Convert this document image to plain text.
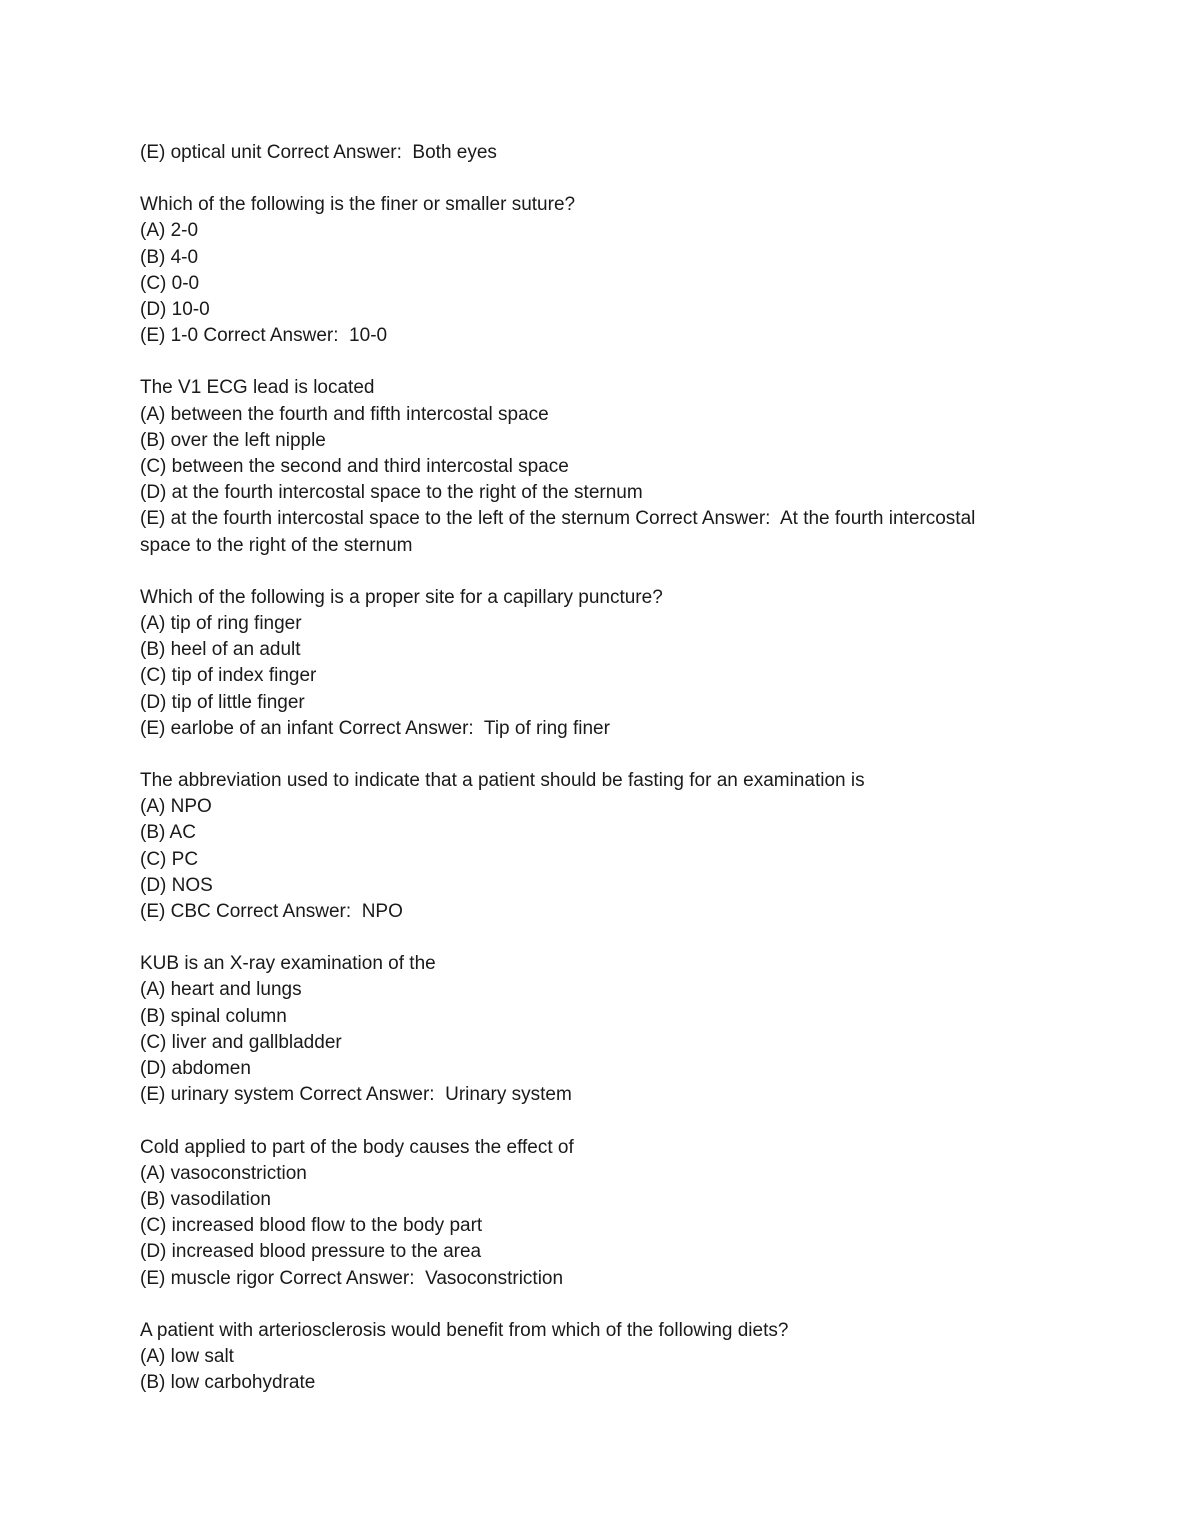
(E) optical unit Correct Answer:  Both eyes

Which of the following is the finer or smaller suture?

(A) 2-0

(B) 4-0

(C) 0-0

(D) 10-0

(E) 1-0 Correct Answer:  10-0

The V1 ECG lead is located

(A) between the fourth and fifth intercostal space

(B) over the left nipple

(C) between the second and third intercostal space

(D) at the fourth intercostal space to the right of the sternum

(E) at the fourth intercostal space to the left of the sternum Correct Answer:  At the fourth intercostal

space to the right of the sternum

Which of the following is a proper site for a capillary puncture?

(A) tip of ring finger

(B) heel of an adult

(C) tip of index finger

(D) tip of little finger

(E) earlobe of an infant Correct Answer:  Tip of ring finer

The abbreviation used to indicate that a patient should be fasting for an examination is

(A) NPO

(B) AC

(C) PC

(D) NOS

(E) CBC Correct Answer:  NPO

KUB is an X-ray examination of the

(A) heart and lungs

(B) spinal column

(C) liver and gallbladder

(D) abdomen

(E) urinary system Correct Answer:  Urinary system

Cold applied to part of the body causes the effect of

(A) vasoconstriction

(B) vasodilation

(C) increased blood flow to the body part

(D) increased blood pressure to the area

(E) muscle rigor Correct Answer:  Vasoconstriction

A patient with arteriosclerosis would benefit from which of the following diets?

(A) low salt

(B) low carbohydrate
